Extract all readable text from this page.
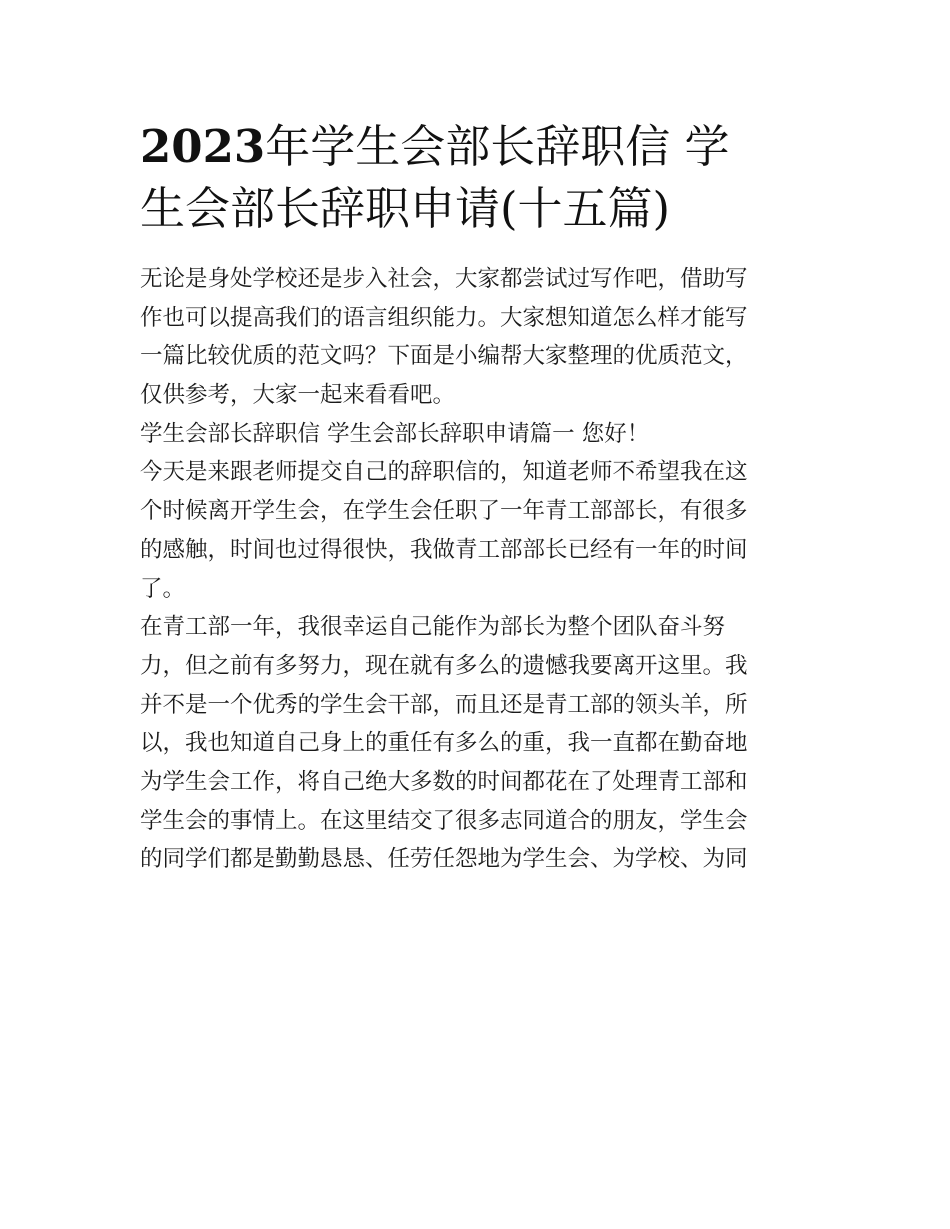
2023年学生会部长辞职信 学
生会部长辞职申请(十五篇)
无论是身处学校还是步入社会，大家都尝试过写作吧，借助写
作也可以提高我们的语言组织能力。大家想知道怎么样才能写
一篇比较优质的范文吗？下面是小编帮大家整理的优质范文，
仅供参考，大家一起来看看吧。
学生会部长辞职信 学生会部长辞职申请篇一 您好！
今天是来跟老师提交自己的辞职信的，知道老师不希望我在这
个时候离开学生会，在学生会任职了一年青工部部长，有很多
的感触，时间也过得很快，我做青工部部长已经有一年的时间
了。
在青工部一年，我很幸运自己能作为部长为整个团队奋斗努
力，但之前有多努力，现在就有多么的遗憾我要离开这里。我
并不是一个优秀的学生会干部，而且还是青工部的领头羊，所
以，我也知道自己身上的重任有多么的重，我一直都在勤奋地
为学生会工作，将自己绝大多数的时间都花在了处理青工部和
学生会的事情上。在这里结交了很多志同道合的朋友，学生会
的同学们都是勤勤恳恳、任劳任怨地为学生会、为学校、为同
